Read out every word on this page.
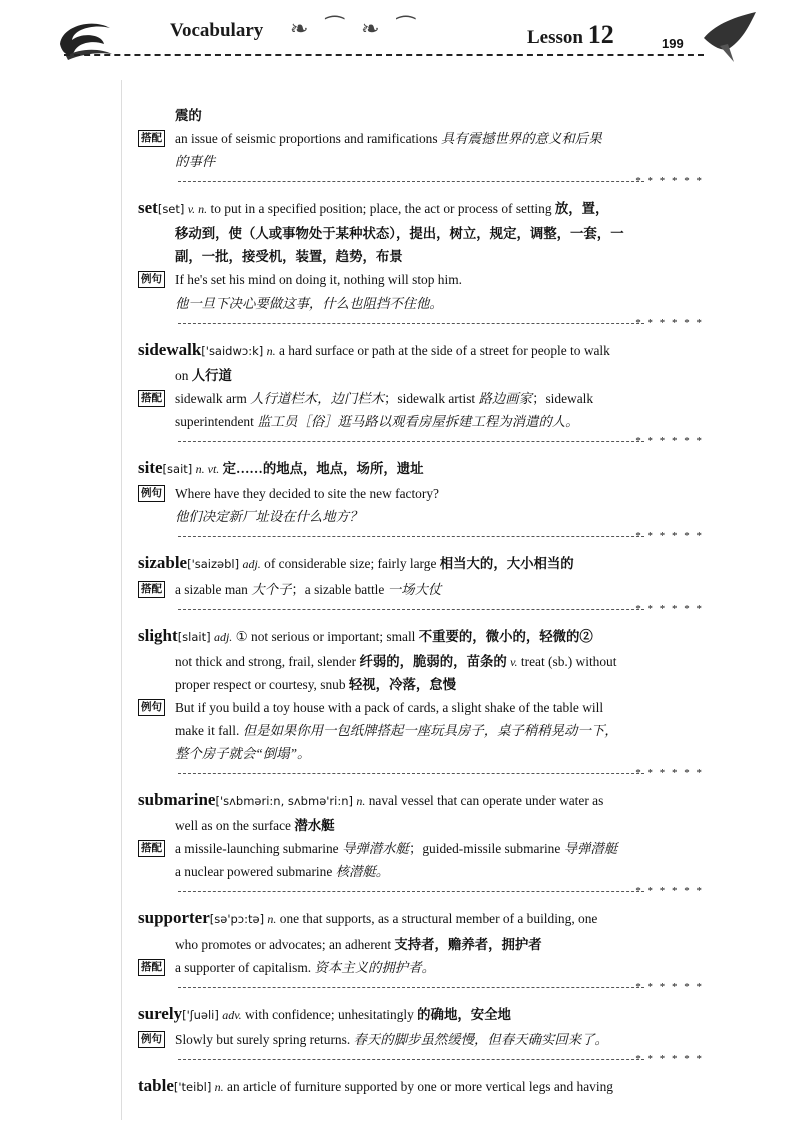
Vocabulary ❧ ⁀ ❧ ⁀	Lesson 12	199
震的
搭配 an issue of seismic proportions and ramifications 具有震撼世界的意义和后果
的事件
* * * * * *
set[set] v. n. to put in a specified position; place, the act or process of setting 放，置，
移动到，使（人或事物处于某种状态），提出，树立，规定，调整，一套，一
副，一批，接受机，装置，趋势，布景
例句 If he's set his mind on doing it, nothing will stop him.
他一旦下决心要做这事，什么也阻挡不住他。
* * * * * *
sidewalk['saidwɔ:k] n. a hard surface or path at the side of a street for people to walk
on 人行道
搭配 sidewalk arm 人行道栏木，边门栏木；sidewalk artist 路边画家；sidewalk
superintendent 监工员［俗］逛马路以观看房屋拆建工程为消遣的人。
* * * * * *
site[sait] n. vt. 定……的地点，地点，场所，遗址
例句 Where have they decided to site the new factory?
他们决定新厂址设在什么地方？
* * * * * *
sizable['saizəbl] adj. of considerable size; fairly large 相当大的，大小相当的
搭配 a sizable man 大个子；a sizable battle 一场大仗
* * * * * *
slight[slait] adj. ① not serious or important; small 不重要的，微小的，轻微的②
not thick and strong, frail, slender 纤弱的，脆弱的，苗条的 v. treat (sb.) without
proper respect or courtesy, snub 轻视，冷落，怠慢
例句 But if you build a toy house with a pack of cards, a slight shake of the table will
make it fall. 但是如果你用一包纸牌搭起一座玩具房子，桌子稍稍晃动一下，
整个房子就会“倒塌”。
* * * * * *
submarine['sʌbməri:n, sʌbmə'ri:n] n. naval vessel that can operate under water as
well as on the surface 潜水艇
搭配 a missile-launching submarine 导弹潜水艇；guided-missile submarine 导弹潜艇
a nuclear powered submarine 核潜艇。
* * * * * *
supporter[sə'pɔ:tə] n. one that supports, as a structural member of a building, one
who promotes or advocates; an adherent 支持者，赡养者，拥护者
搭配 a supporter of capitalism. 资本主义的拥护者。
* * * * * *
surely['ʃuəli] adv. with confidence; unhesitatingly 的确地，安全地
例句 Slowly but surely spring returns. 春天的脚步虽然缓慢，但春天确实回来了。
* * * * * *
table['teibl] n. an article of furniture supported by one or more vertical legs and having
